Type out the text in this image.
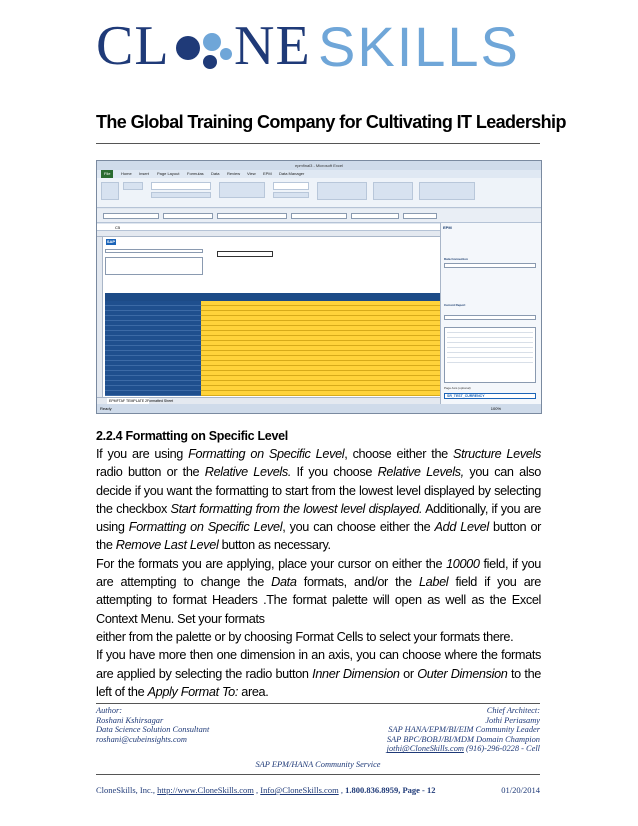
CL NE SKILLS
The Global Training Company for Cultivating IT Leadership
epmfinal3 - Microsoft Excel
File	Home Insert Page Layout Formulas Data Review View EPM Data Manager
C5
SAP
EPMFTAF TEMPLATE 2 Formatted Sheet
Ready	100%
EPM
Data Connection
Current Report
Page Axis (optional)
SR_TEST_CURRENCY
2.2.4 Formatting on Specific Level

If you are using Formatting on Specific Level, choose either the Structure Levels radio button or the Relative Levels. If you choose Relative Levels, you can also decide if you want the formatting to start from the lowest level displayed by selecting the checkbox Start formatting from the lowest level displayed. Additionally, if you are using Formatting on Specific Level, you can choose either the Add Level button or the Remove Last Level button as necessary.

For the formats you are applying, place your cursor on either the 10000 field, if you are attempting to change the Data formats, and/or the Label field if you are attempting to format Headers .The format palette will open as well as the Excel Context Menu. Set your formats

either from the palette or by choosing Format Cells to select your formats there.

If you have more then one dimension in an axis, you can choose where the formats are applied by selecting the radio button Inner Dimension or Outer Dimension to the left of the Apply Format To: area.

Author:
Roshani Kshirsagar
Data Science Solution Consultant
roshani@cubeinsights.com
Chief Architect:
Jothi Periasamy
SAP HANA/EPM/BI/EIM Community Leader
SAP BPC/BOBJ/BI/MDM Domain Champion
jothi@CloneSkills.com (916)-296-0228 - Cell
SAP EPM/HANA Community Service
CloneSkills, Inc., http://www.CloneSkills.com , Info@CloneSkills.com , 1.800.836.8959, Page - 12	01/20/2014
